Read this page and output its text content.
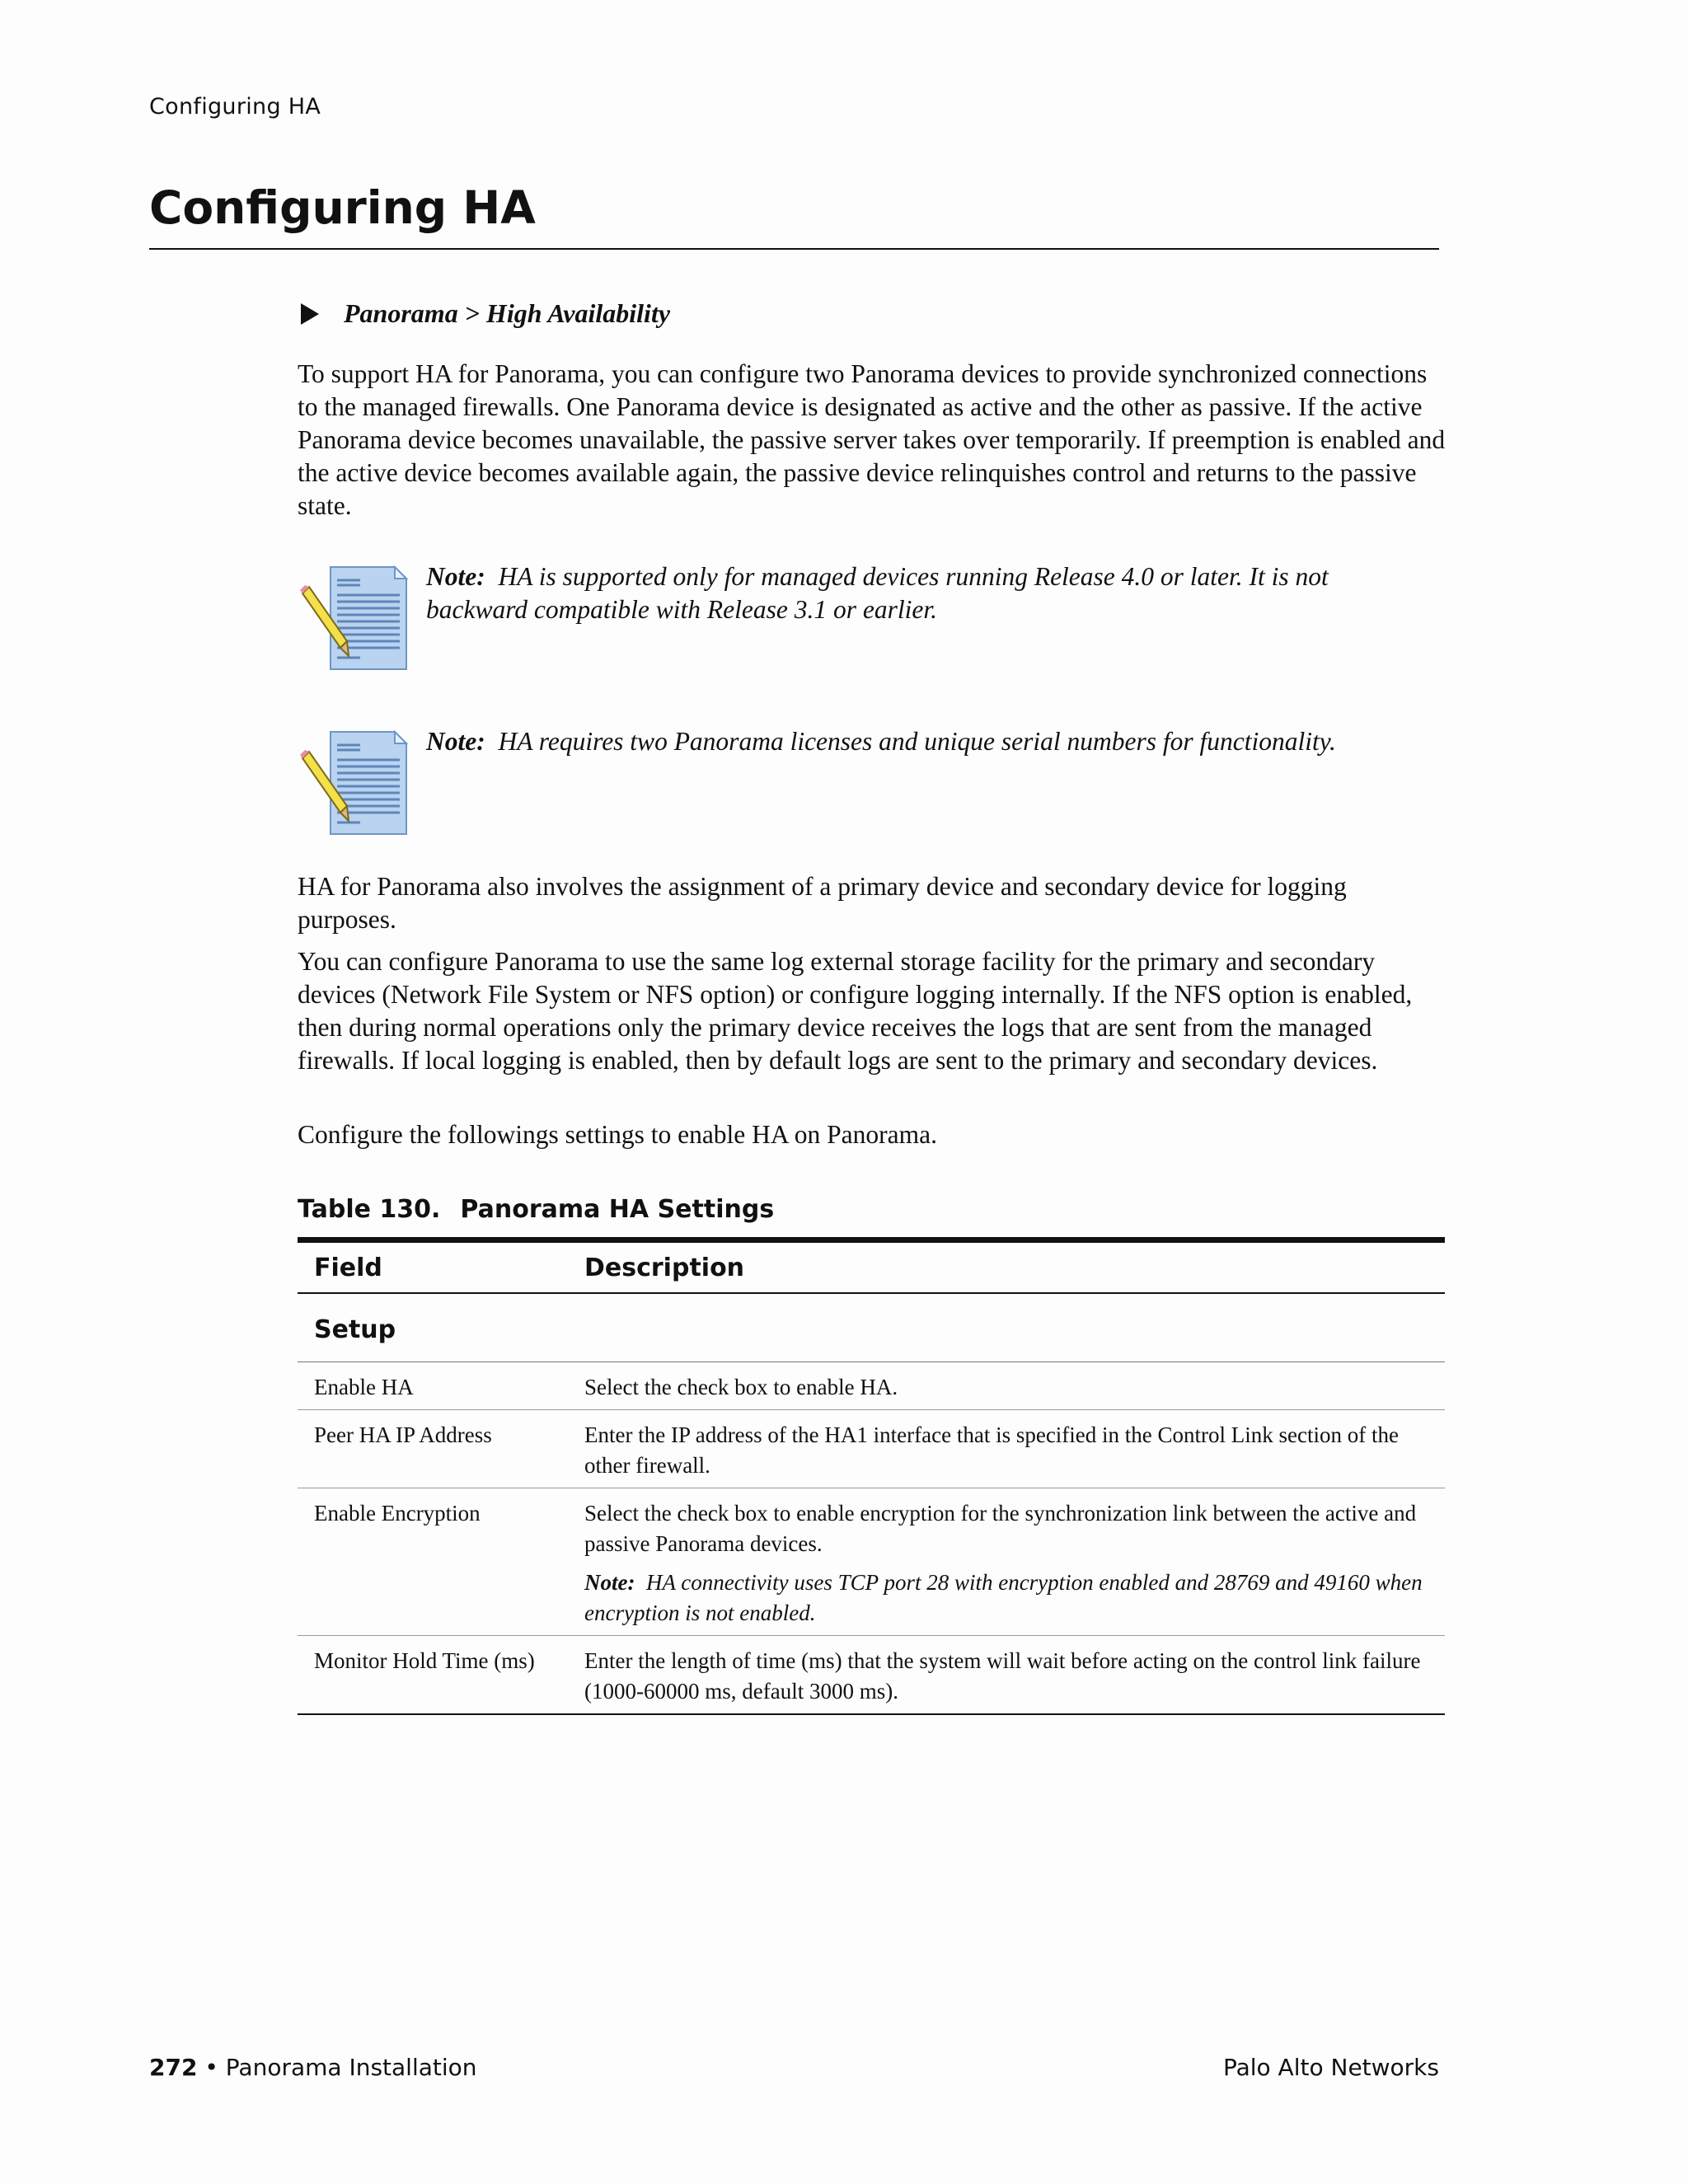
Configuring HA
Configuring HA
Panorama > High Availability

To support HA for Panorama, you can configure two Panorama devices to provide synchronized connections to the managed firewalls. One Panorama device is designated as active and the other as passive. If the active Panorama device becomes unavailable, the passive server takes over temporarily. If preemption is enabled and the active device becomes available again, the passive device relinquishes control and returns to the passive state.

Note: HA is supported only for managed devices running Release 4.0 or later. It is not backward compatible with Release 3.1 or earlier.

Note: HA requires two Panorama licenses and unique serial numbers for functionality.

HA for Panorama also involves the assignment of a primary device and secondary device for logging purposes.

You can configure Panorama to use the same log external storage facility for the primary and secondary devices (Network File System or NFS option) or configure logging internally. If the NFS option is enabled, then during normal operations only the primary device receives the logs that are sent from the managed firewalls. If local logging is enabled, then by default logs are sent to the primary and secondary devices.

Configure the followings settings to enable HA on Panorama.

Table 130. Panorama HA Settings
Field	Description
Setup	
Enable HA	Select the check box to enable HA.
Peer HA IP Address	Enter the IP address of the HA1 interface that is specified in the Control Link section of the other firewall.
Enable Encryption	Select the check box to enable encryption for the synchronization link between the active and passive Panorama devices.

Note: HA connectivity uses TCP port 28 with encryption enabled and 28769 and 49160 when encryption is not enabled.

Monitor Hold Time (ms)	Enter the length of time (ms) that the system will wait before acting on the control link failure (1000-60000 ms, default 3000 ms).
272 • Panorama Installation	Palo Alto Networks
